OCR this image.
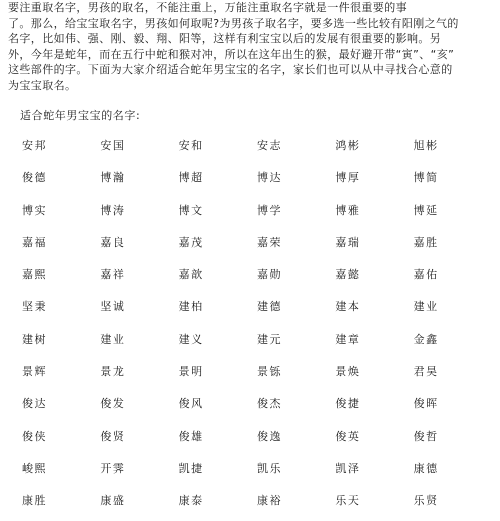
要注重取名字，男孩的取名，不能注重上，万能注重取名字就是一件很重要的事

了。那么，给宝宝取名字，男孩如何取呢?为男孩子取名字，要多选一些比较有阳刚之气的

名字，比如伟、强、刚、毅、翔、阳等，这样有利宝宝以后的发展有很重要的影响。另

外，今年是蛇年，而在五行中蛇和猴对冲，所以在这年出生的猴，最好避开带“寅”、“亥”

这些部件的字。下面为大家介绍适合蛇年男宝宝的名字，家长们也可以从中寻找合心意的

为宝宝取名。

适合蛇年男宝宝的名字:
安邦	安国	安和	安志	鸿彬	旭彬
俊德	博瀚	博超	博达	博厚	博简
博实	博涛	博文	博学	博雅	博延
嘉福	嘉良	嘉茂	嘉荣	嘉瑞	嘉胜
嘉熙	嘉祥	嘉歆	嘉勋	嘉懿	嘉佑
坚秉	坚诚	建柏	建德	建本	建业
建树	建业	建义	建元	建章	金鑫
景辉	景龙	景明	景铄	景焕	君昊
俊达	俊发	俊风	俊杰	俊捷	俊晖
俊侠	俊贤	俊雄	俊逸	俊英	俊哲
峻熙	开霁	凯捷	凯乐	凯泽	康德
康胜	康盛	康泰	康裕	乐天	乐贤
